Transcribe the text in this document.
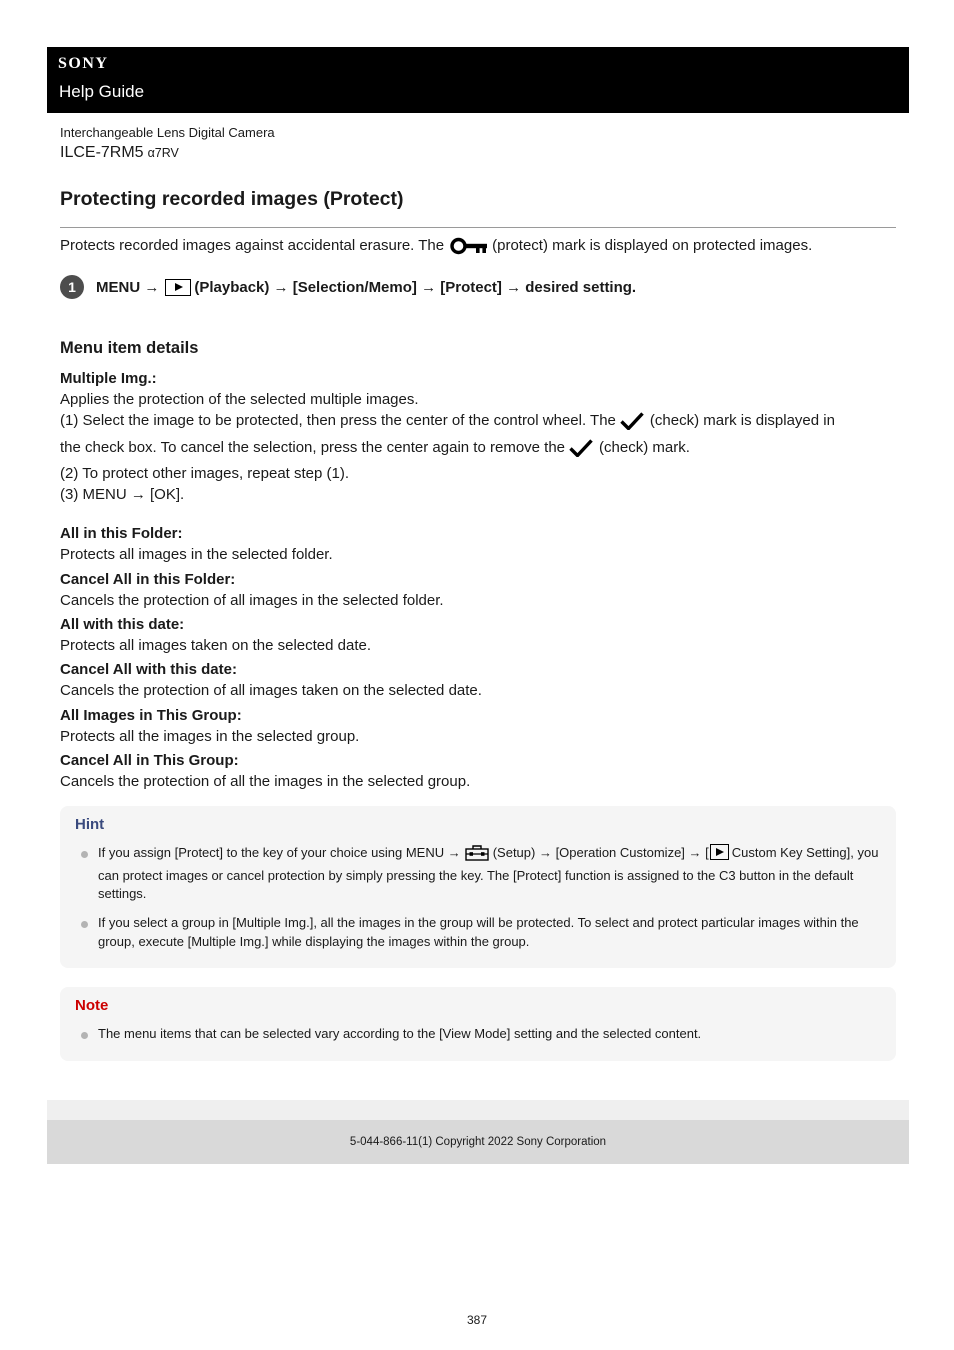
SONY
Help Guide
Interchangeable Lens Digital Camera
ILCE-7RM5 α7RV
Protecting recorded images (Protect)
Protects recorded images against accidental erasure. The	(protect) mark is displayed on protected images.
1	MENU → (Playback) → [Selection/Memo] → [Protect] → desired setting.
Menu item details
Multiple Img.:
Applies the protection of the selected multiple images.
(1) Select the image to be protected, then press the center of the control wheel. The (check) mark is displayed in
the check box. To cancel the selection, press the center again to remove the (check) mark.
(2) To protect other images, repeat step (1).
(3) MENU → [OK].
All in this Folder:
Protects all images in the selected folder.
Cancel All in this Folder:
Cancels the protection of all images in the selected folder.
All with this date:
Protects all images taken on the selected date.
Cancel All with this date:
Cancels the protection of all images taken on the selected date.
All Images in This Group:
Protects all the images in the selected group.
Cancel All in This Group:
Cancels the protection of all the images in the selected group.
Hint
If you assign [Protect] to the key of your choice using MENU → (Setup) → [Operation Customize] → [ Custom Key Setting], you can protect images or cancel protection by simply pressing the key. The [Protect] function is assigned to the C3 button in the default settings.
If you select a group in [Multiple Img.], all the images in the group will be protected. To select and protect particular images within the group, execute [Multiple Img.] while displaying the images within the group.
Note
The menu items that can be selected vary according to the [View Mode] setting and the selected content.
5-044-866-11(1) Copyright 2022 Sony Corporation
387
